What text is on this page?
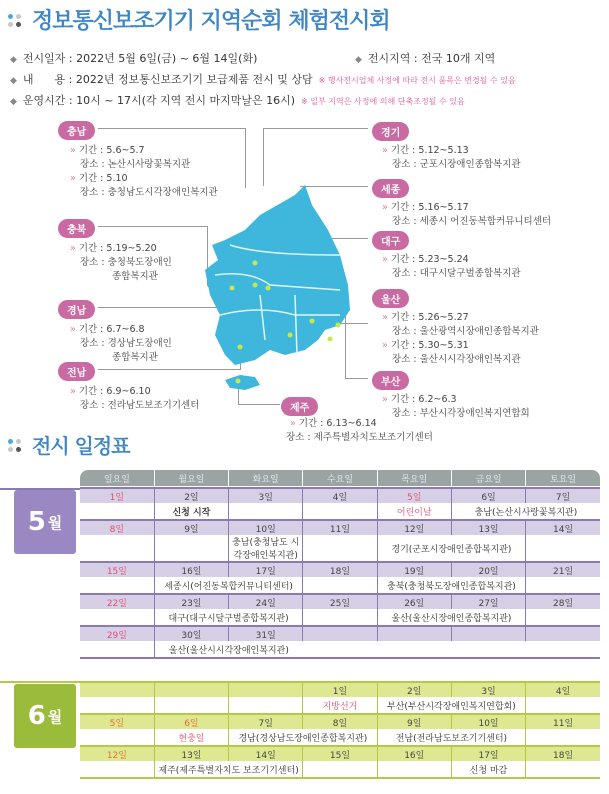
정보통신보조기기 지역순회 체험전시회
◆ 전시일자 : 2022년 5월 6일(금) ~ 6월 14일(화)	◆ 전시지역 : 전국 10개 지역
◆ 내      용 : 2022년 정보통신보조기기 보급제품 전시 및 상담 ※ 행사전시업체 사정에 따라 전시 품목은 변경될 수 있음
◆ 운영시간 : 10시 ~ 17시(각 지역 전시 마지막날은 16시) ※ 일부 지역은 사정에 의해 단축조정될 수 있음
충남
» 기간 : 5.6~5.7
장소 : 논산시사랑꽃복지관
» 기간 : 5.10
장소 : 충청남도시각장애인복지관
충북
» 기간 : 5.19~5.20
장소 : 충청북도장애인
종합복지관
경남
» 기간 : 6.7~6.8
장소 : 경상남도장애인
종합복지관
전남
» 기간 : 6.9~6.10
장소 : 전라남도보조기기센터
경기
» 기간 : 5.12~5.13
장소 : 군포시장애인종합복지관
세종
» 기간 : 5.16~5.17
장소 : 세종시 어진동복합커뮤니티센터
대구
» 기간 : 5.23~5.24
장소 : 대구시달구벌종합복지관
울산
» 기간 : 5.26~5.27
장소 : 울산광역시장애인종합복지관
» 기간 : 5.30~5.31
장소 : 울산시시각장애인복지관
부산
» 기간 : 6.2~6.3
장소 : 부산시각장애인복지연합회
제주
» 기간 : 6.13~6.14
장소 : 제주특별자치도보조기기센터
전시 일정표
일요일	월요일	화요일	수요일	목요일	금요일	토요일
5 월
6 월
1일	2일	3일	4일	5일	6일	7일
	신청 시작			어린이날	충남(논산시사랑꽃복지관)	
8일	9일	10일	11일	12일	13일	14일
		충남(충청남도 시각장애인복지관)		경기(군포시장애인종합복지관)		
15일	16일	17일	18일	19일	20일	21일
	세종시(어진동복합커뮤니티센터)			충북(충청북도장애인종합복지관)		
22일	23일	24일	25일	26일	27일	28일
	대구(대구시달구벌종합복지관)			울산(울산시장애인종합복지관)		
29일	30일	31일				
	울산(울산시시각장애인복지관)					

			1일	2일	3일	4일
			지방선거	부산(부산시각장애인복지연합회)		
5일	6일	7일	8일	9일	10일	11일
	현충일	경남(경상남도장애인종합복지관)		전남(전라남도보조기기센터)		
12일	13일	14일	15일	16일	17일	18일
	제주(제주특별자치도 보조기기센터)				신청 마감	
